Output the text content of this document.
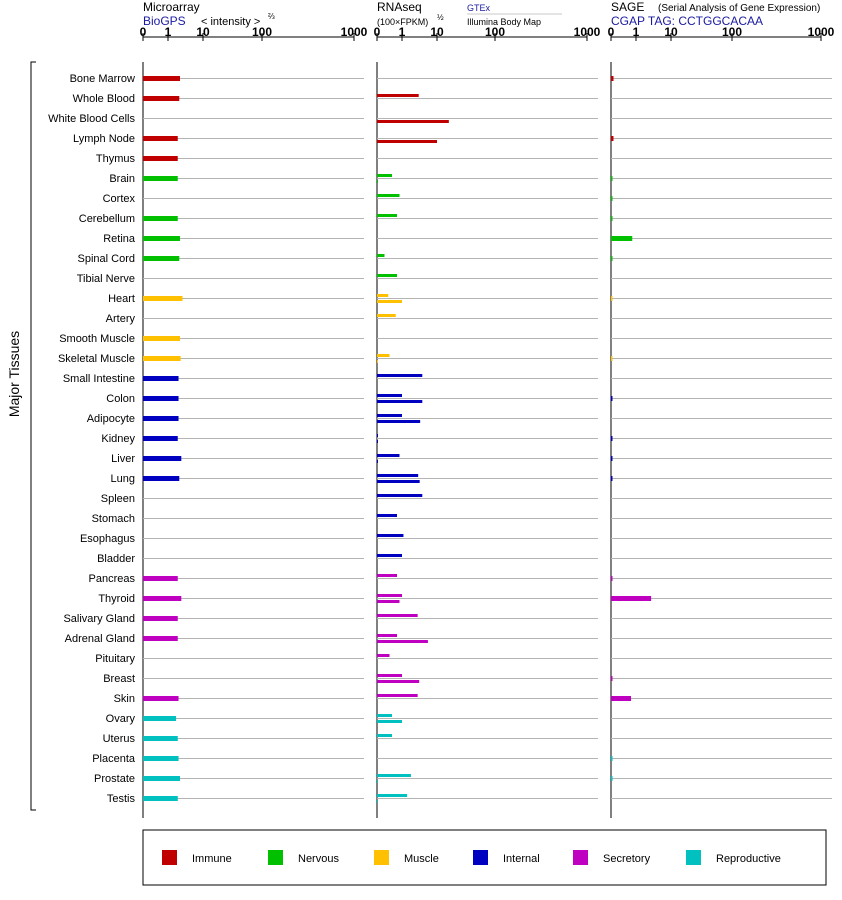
Microarray
BioGPS < intensity > ⅔
RNAseq
(100×FPKM) ½
GTEx
Illumina Body Map
SAGE (Serial Analysis of Gene Expression)
CGAP TAG: CCTGGCACAA
Major Tissues
0 1 10	100	1000 0 1 10	100	1000 0 1 10	100	1000
Bone Marrow
Whole Blood
White Blood Cells
Lymph Node
Thymus
Brain
Cortex
Cerebellum
Retina
Spinal Cord
Tibial Nerve
Heart
Artery
Smooth Muscle
Skeletal Muscle
Small Intestine
Colon
Adipocyte
Kidney
Liver
Lung
Spleen
Stomach
Esophagus
Bladder
Pancreas
Thyroid
Salivary Gland
Adrenal Gland
Pituitary
Breast
Skin
Ovary
Uterus
Placenta
Prostate
Testis
Immune	Nervous	Muscle	Internal	Secretory	Reproductive
